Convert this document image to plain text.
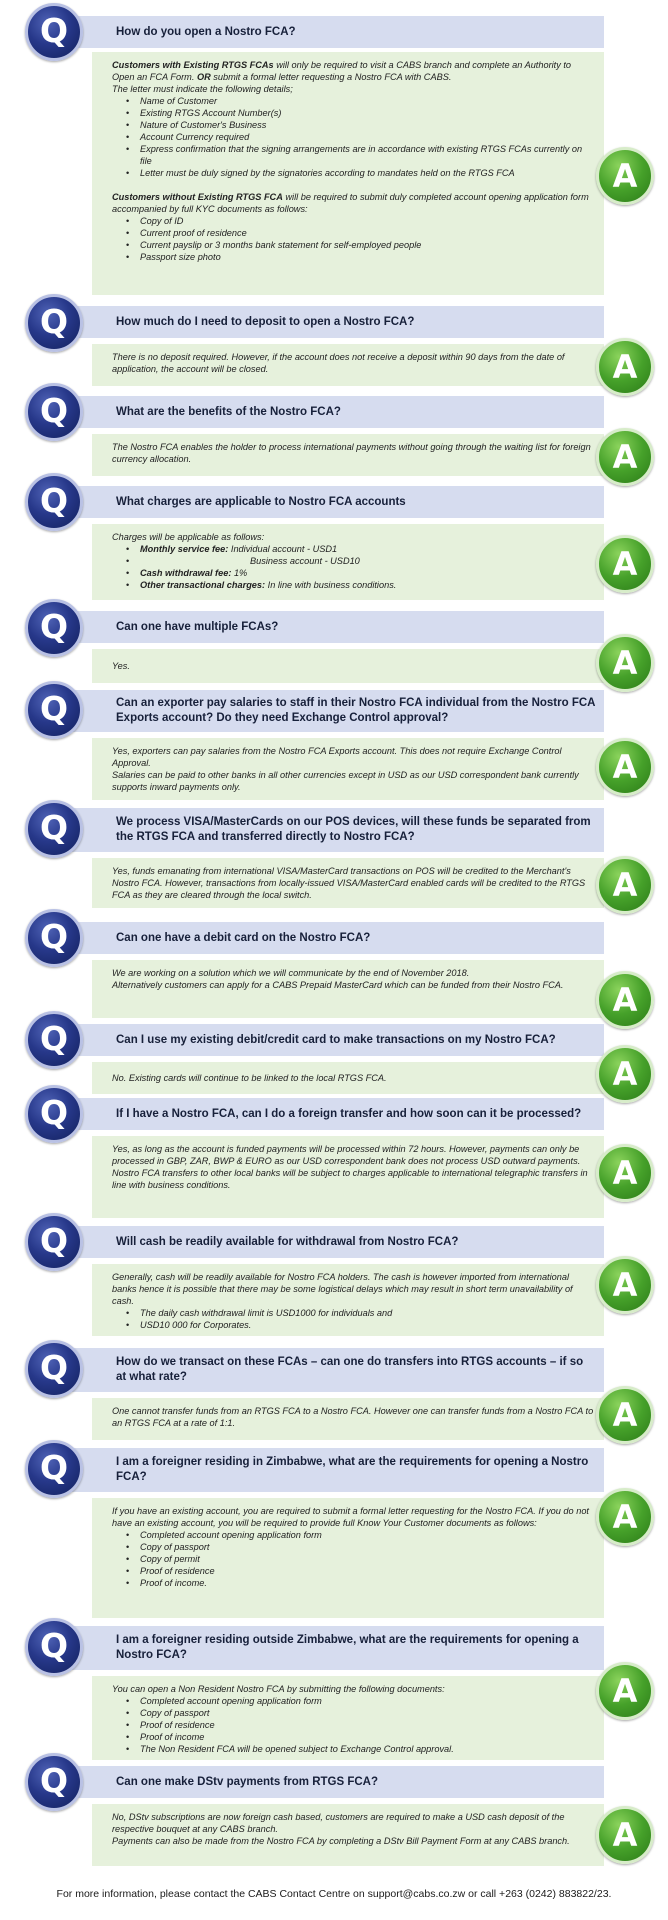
How do you open a Nostro FCA?
Q

Customers with Existing RTGS FCAs will only be required to visit a CABS branch and complete an Authority to Open an FCA Form. OR submit a formal letter requesting a Nostro FCA with CABS.

The letter must indicate the following details;

• Name of Customer
• Existing RTGS Account Number(s)
• Nature of Customer's Business
• Account Currency required
• Express confirmation that the signing arrangements are in accordance with existing RTGS FCAs currently on file
• Letter must be duly signed by the signatories according to mandates held on the RTGS FCA

Customers without Existing RTGS FCA will be required to submit duly completed account opening application form accompanied by full KYC documents as follows:

• Copy of ID
• Current proof of residence
• Current payslip or 3 months bank statement for self-employed people
• Passport size photo
A
How much do I need to deposit to open a Nostro FCA?
Q

There is no deposit required. However, if the account does not receive a deposit within 90 days from the date of application, the account will be closed.	A
What are the benefits of the Nostro FCA?
Q

The Nostro FCA enables the holder to process international payments without going through the waiting list for foreign currency allocation.	A
What charges are applicable to Nostro FCA accounts
Q

Charges will be applicable as follows:

• Monthly service fee: Individual account - USD1
• Business account - USD10
• Cash withdrawal fee: 1%
• Other transactional charges: In line with business conditions.
A
Can one have multiple FCAs?
Q

Yes.	A
Can an exporter pay salaries to staff in their Nostro FCA individual from the Nostro FCA Exports account? Do they need Exchange Control approval?
Q

Yes, exporters can pay salaries from the Nostro FCA Exports account. This does not require Exchange Control Approval.

Salaries can be paid to other banks in all other currencies except in USD as our USD correspondent bank currently supports inward payments only.

A
We process VISA/MasterCards on our POS devices, will these funds be separated from the RTGS FCA and transferred directly to Nostro FCA?
Q

Yes, funds emanating from international VISA/MasterCard transactions on POS will be credited to the Merchant's Nostro FCA. However, transactions from locally-issued VISA/MasterCard enabled cards will be credited to the RTGS FCA as they are cleared through the local switch.	A
Can one have a debit card on the Nostro FCA?
Q

We are working on a solution which we will communicate by the end of November 2018.

Alternatively customers can apply for a CABS Prepaid MasterCard which can be funded from their Nostro FCA.	A
Can I use my existing debit/credit card to make transactions on my Nostro FCA?
Q

No. Existing cards will continue to be linked to the local RTGS FCA.	A
If I have a Nostro FCA, can I do a foreign transfer and how soon can it be processed?
Q

Yes, as long as the account is funded payments will be processed within 72 hours. However, payments can only be processed in GBP, ZAR, BWP & EURO as our USD correspondent bank does not process USD outward payments.

Nostro FCA transfers to other local banks will be subject to charges applicable to international telegraphic transfers in line with business conditions.	A
Will cash be readily available for withdrawal from Nostro FCA?
Q

Generally, cash will be readily available for Nostro FCA holders. The cash is however imported from international banks hence it is possible that there may be some logistical delays which may result in short term unavailability of cash.

• The daily cash withdrawal limit is USD1000 for individuals and
• USD10 000 for Corporates.
A
How do we transact on these FCAs – can one do transfers into RTGS accounts – if so at what rate?
Q

One cannot transfer funds from an RTGS FCA to a Nostro FCA. However one can transfer funds from a Nostro FCA to an RTGS FCA at a rate of 1:1.	A
I am a foreigner residing in Zimbabwe, what are the requirements for opening a Nostro FCA?
Q

If you have an existing account, you are required to submit a formal letter requesting for the Nostro FCA. If you do not have an existing account, you will be required to provide full Know Your Customer documents as follows:

• Completed account opening application form
• Copy of passport
• Copy of permit
• Proof of residence
• Proof of income.
A
I am a foreigner residing outside Zimbabwe, what are the requirements for opening a Nostro FCA?
Q

You can open a Non Resident Nostro FCA by submitting the following documents:

• Completed account opening application form
• Copy of passport
• Proof of residence
• Proof of income
• The Non Resident FCA will be opened subject to Exchange Control approval.
A
Can one make DStv payments from RTGS FCA?
Q

No, DStv subscriptions are now foreign cash based, customers are required to make a USD cash deposit of the respective bouquet at any CABS branch.

Payments can also be made from the Nostro FCA by completing a DStv Bill Payment Form at any CABS branch.	A
For more information, please contact the CABS Contact Centre on support@cabs.co.zw or call +263 (0242) 883822/23.
